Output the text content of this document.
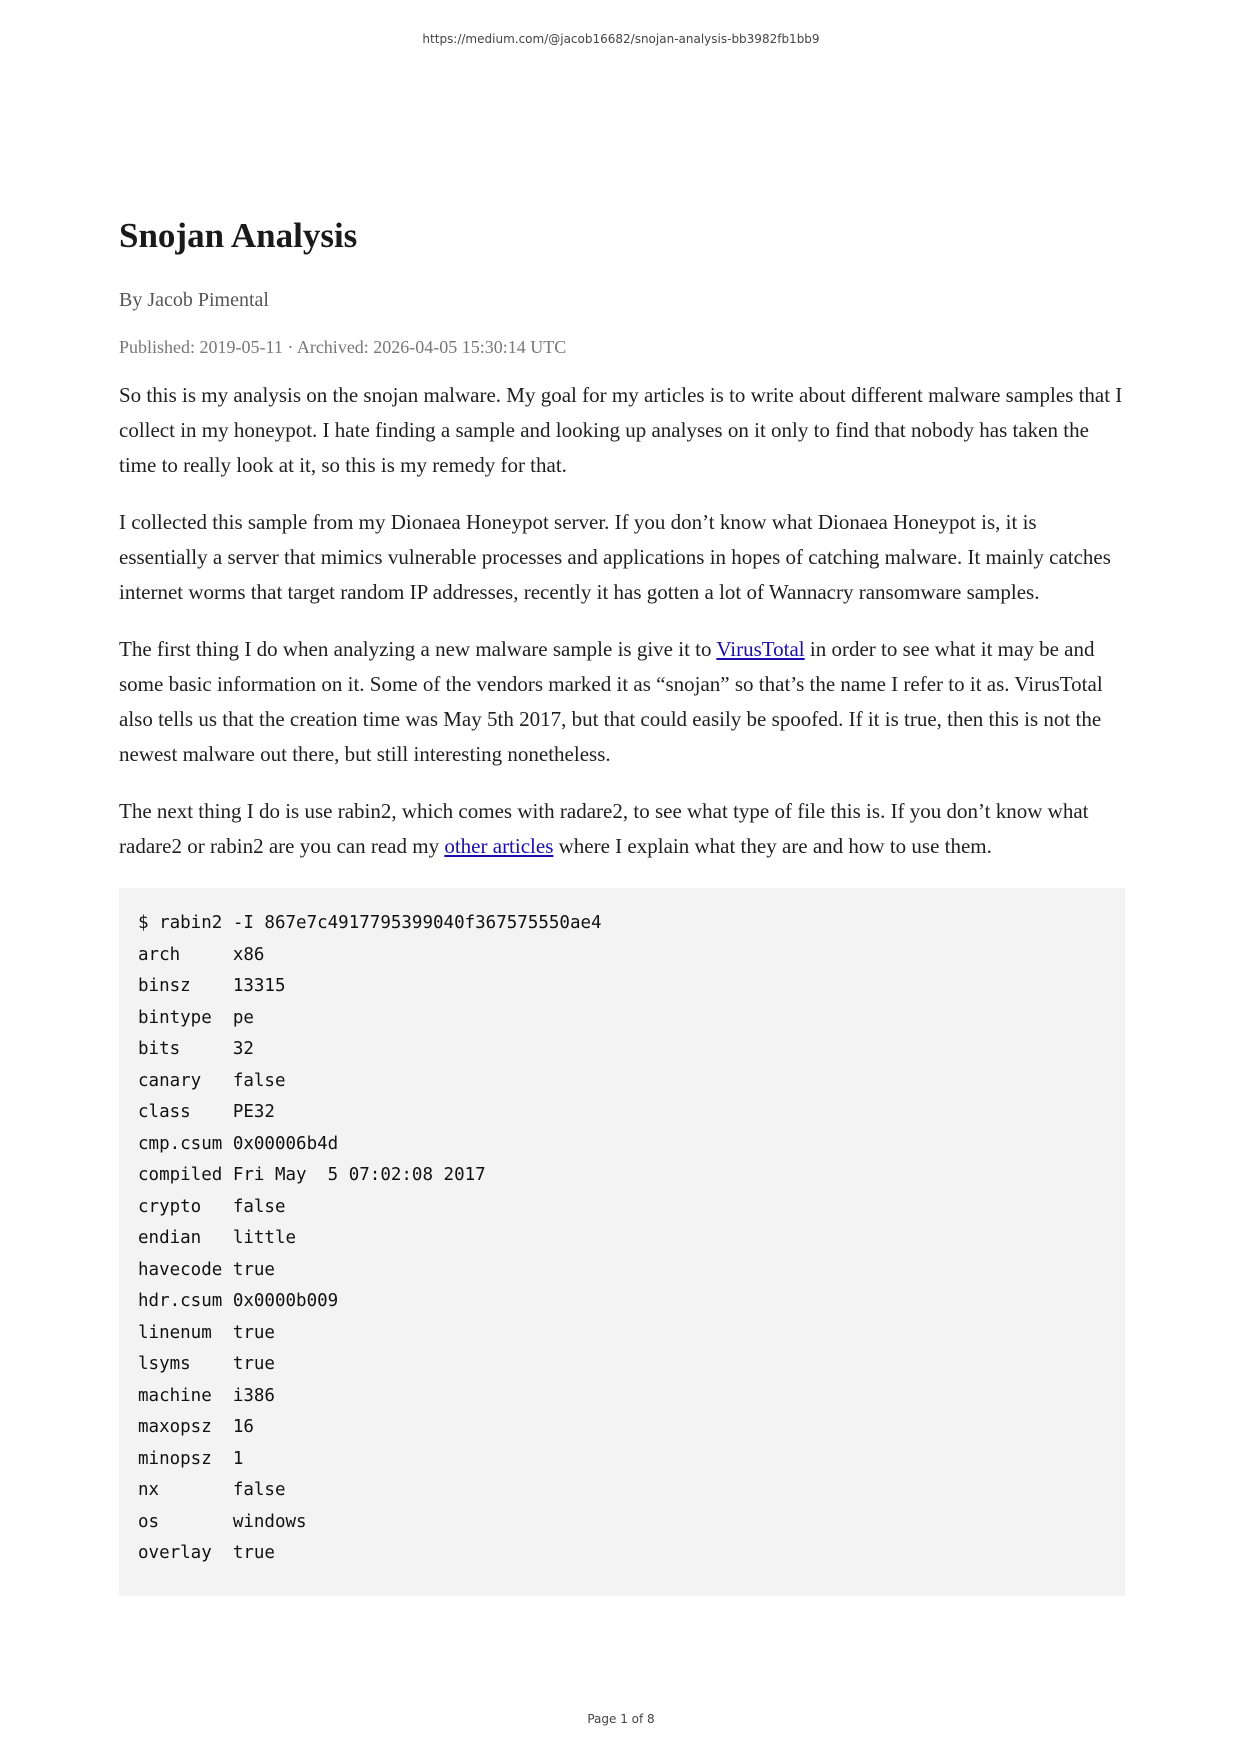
https://medium.com/@jacob16682/snojan-analysis-bb3982fb1bb9
Snojan Analysis

By Jacob Pimental

Published: 2019-05-11 · Archived: 2026-04-05 15:30:14 UTC

So this is my analysis on the snojan malware. My goal for my articles is to write about different malware samples that I collect in my honeypot. I hate finding a sample and looking up analyses on it only to find that nobody has taken the time to really look at it, so this is my remedy for that.

I collected this sample from my Dionaea Honeypot server. If you don’t know what Dionaea Honeypot is, it is essentially a server that mimics vulnerable processes and applications in hopes of catching malware. It mainly catches internet worms that target random IP addresses, recently it has gotten a lot of Wannacry ransomware samples.

The first thing I do when analyzing a new malware sample is give it to VirusTotal in order to see what it may be and some basic information on it. Some of the vendors marked it as “snojan” so that’s the name I refer to it as. VirusTotal also tells us that the creation time was May 5th 2017, but that could easily be spoofed. If it is true, then this is not the newest malware out there, but still interesting nonetheless.

The next thing I do is use rabin2, which comes with radare2, to see what type of file this is. If you don’t know what radare2 or rabin2 are you can read my other articles where I explain what they are and how to use them.

$ rabin2 -I 867e7c4917795399040f367575550ae4
arch     x86
binsz    13315
bintype  pe
bits     32
canary   false
class    PE32
cmp.csum 0x00006b4d
compiled Fri May  5 07:02:08 2017
crypto   false
endian   little
havecode true
hdr.csum 0x0000b009
linenum  true
lsyms    true
machine  i386
maxopsz  16
minopsz  1
nx       false
os       windows
overlay  true
Page 1 of 8
